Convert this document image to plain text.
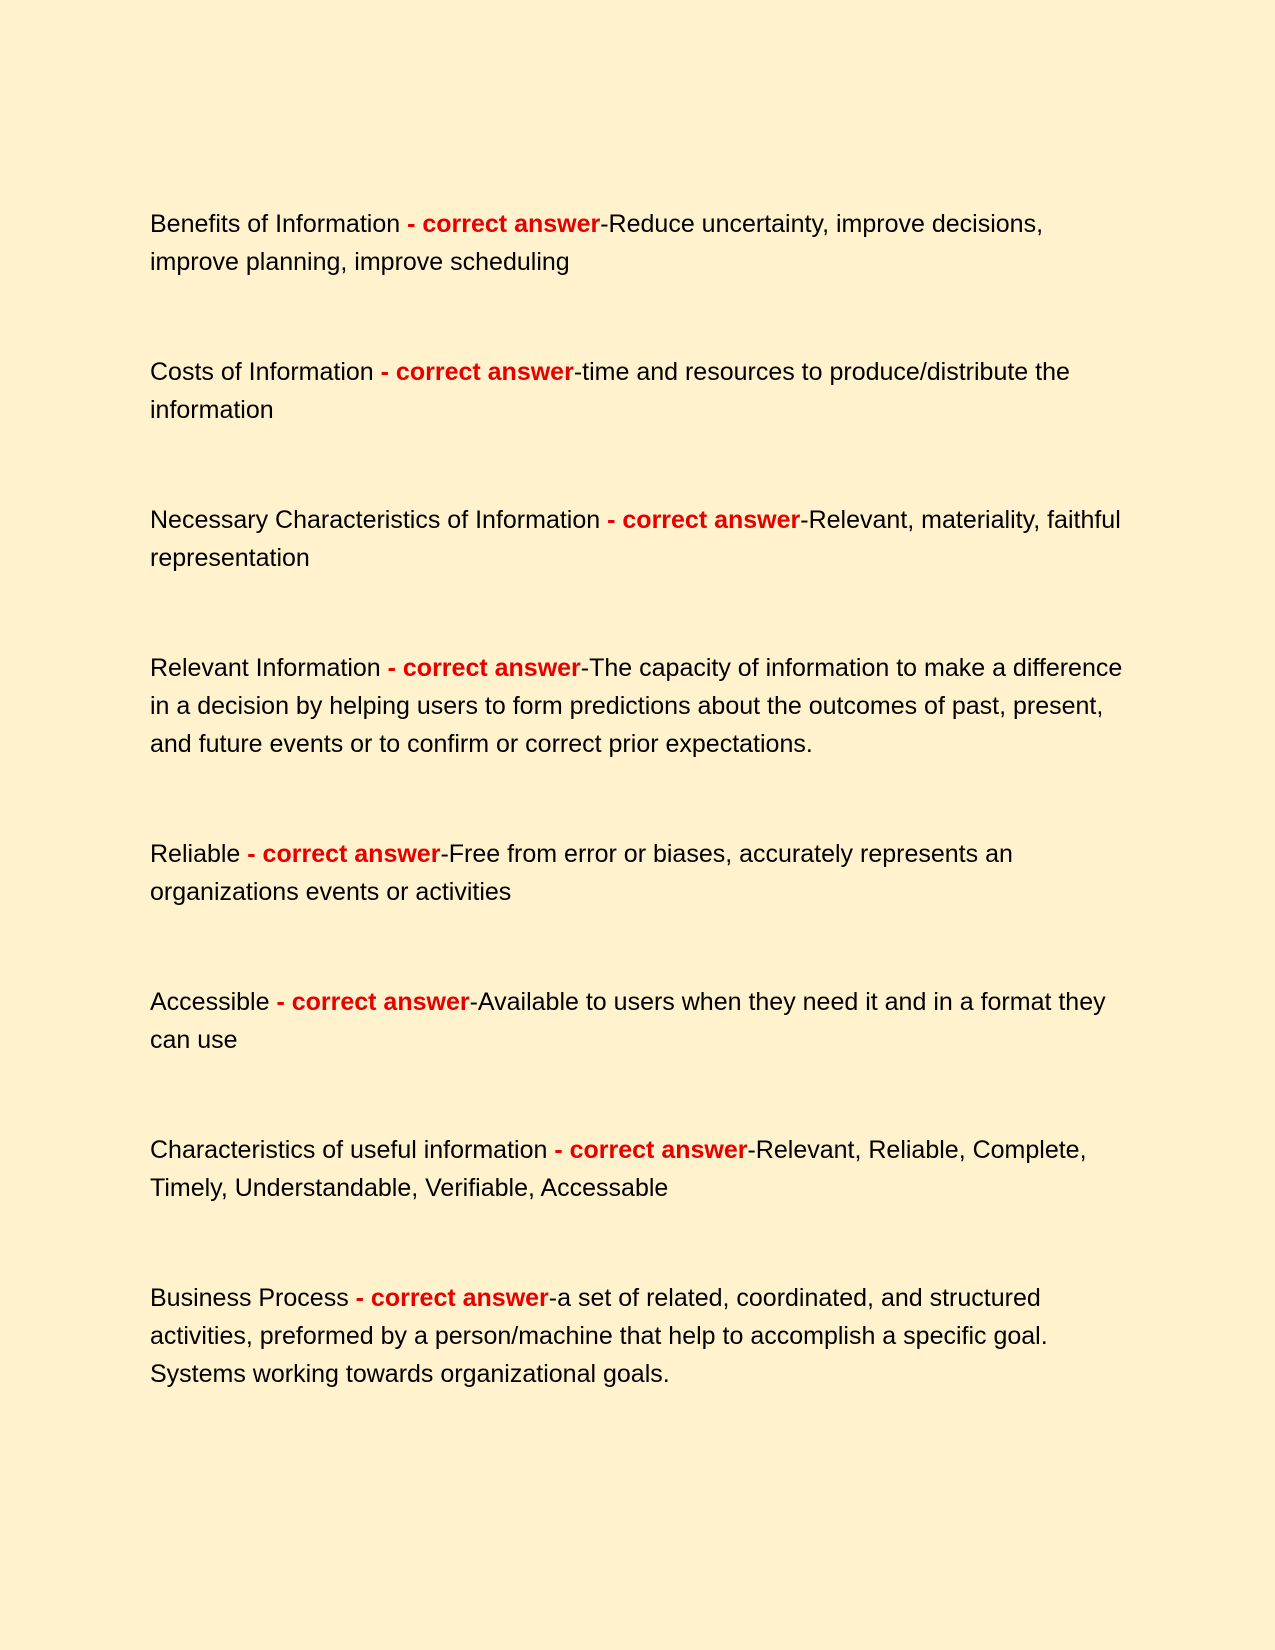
Benefits of Information - correct answer-Reduce uncertainty, improve decisions, improve planning, improve scheduling

Costs of Information - correct answer-time and resources to produce/distribute the information

Necessary Characteristics of Information - correct answer-Relevant, materiality, faithful representation

Relevant Information - correct answer-The capacity of information to make a difference in a decision by helping users to form predictions about the outcomes of past, present, and future events or to confirm or correct prior expectations.

Reliable - correct answer-Free from error or biases, accurately represents an organizations events or activities

Accessible - correct answer-Available to users when they need it and in a format they can use

Characteristics of useful information - correct answer-Relevant, Reliable, Complete, Timely, Understandable, Verifiable, Accessable

Business Process - correct answer-a set of related, coordinated, and structured activities, preformed by a person/machine that help to accomplish a specific goal. Systems working towards organizational goals.
